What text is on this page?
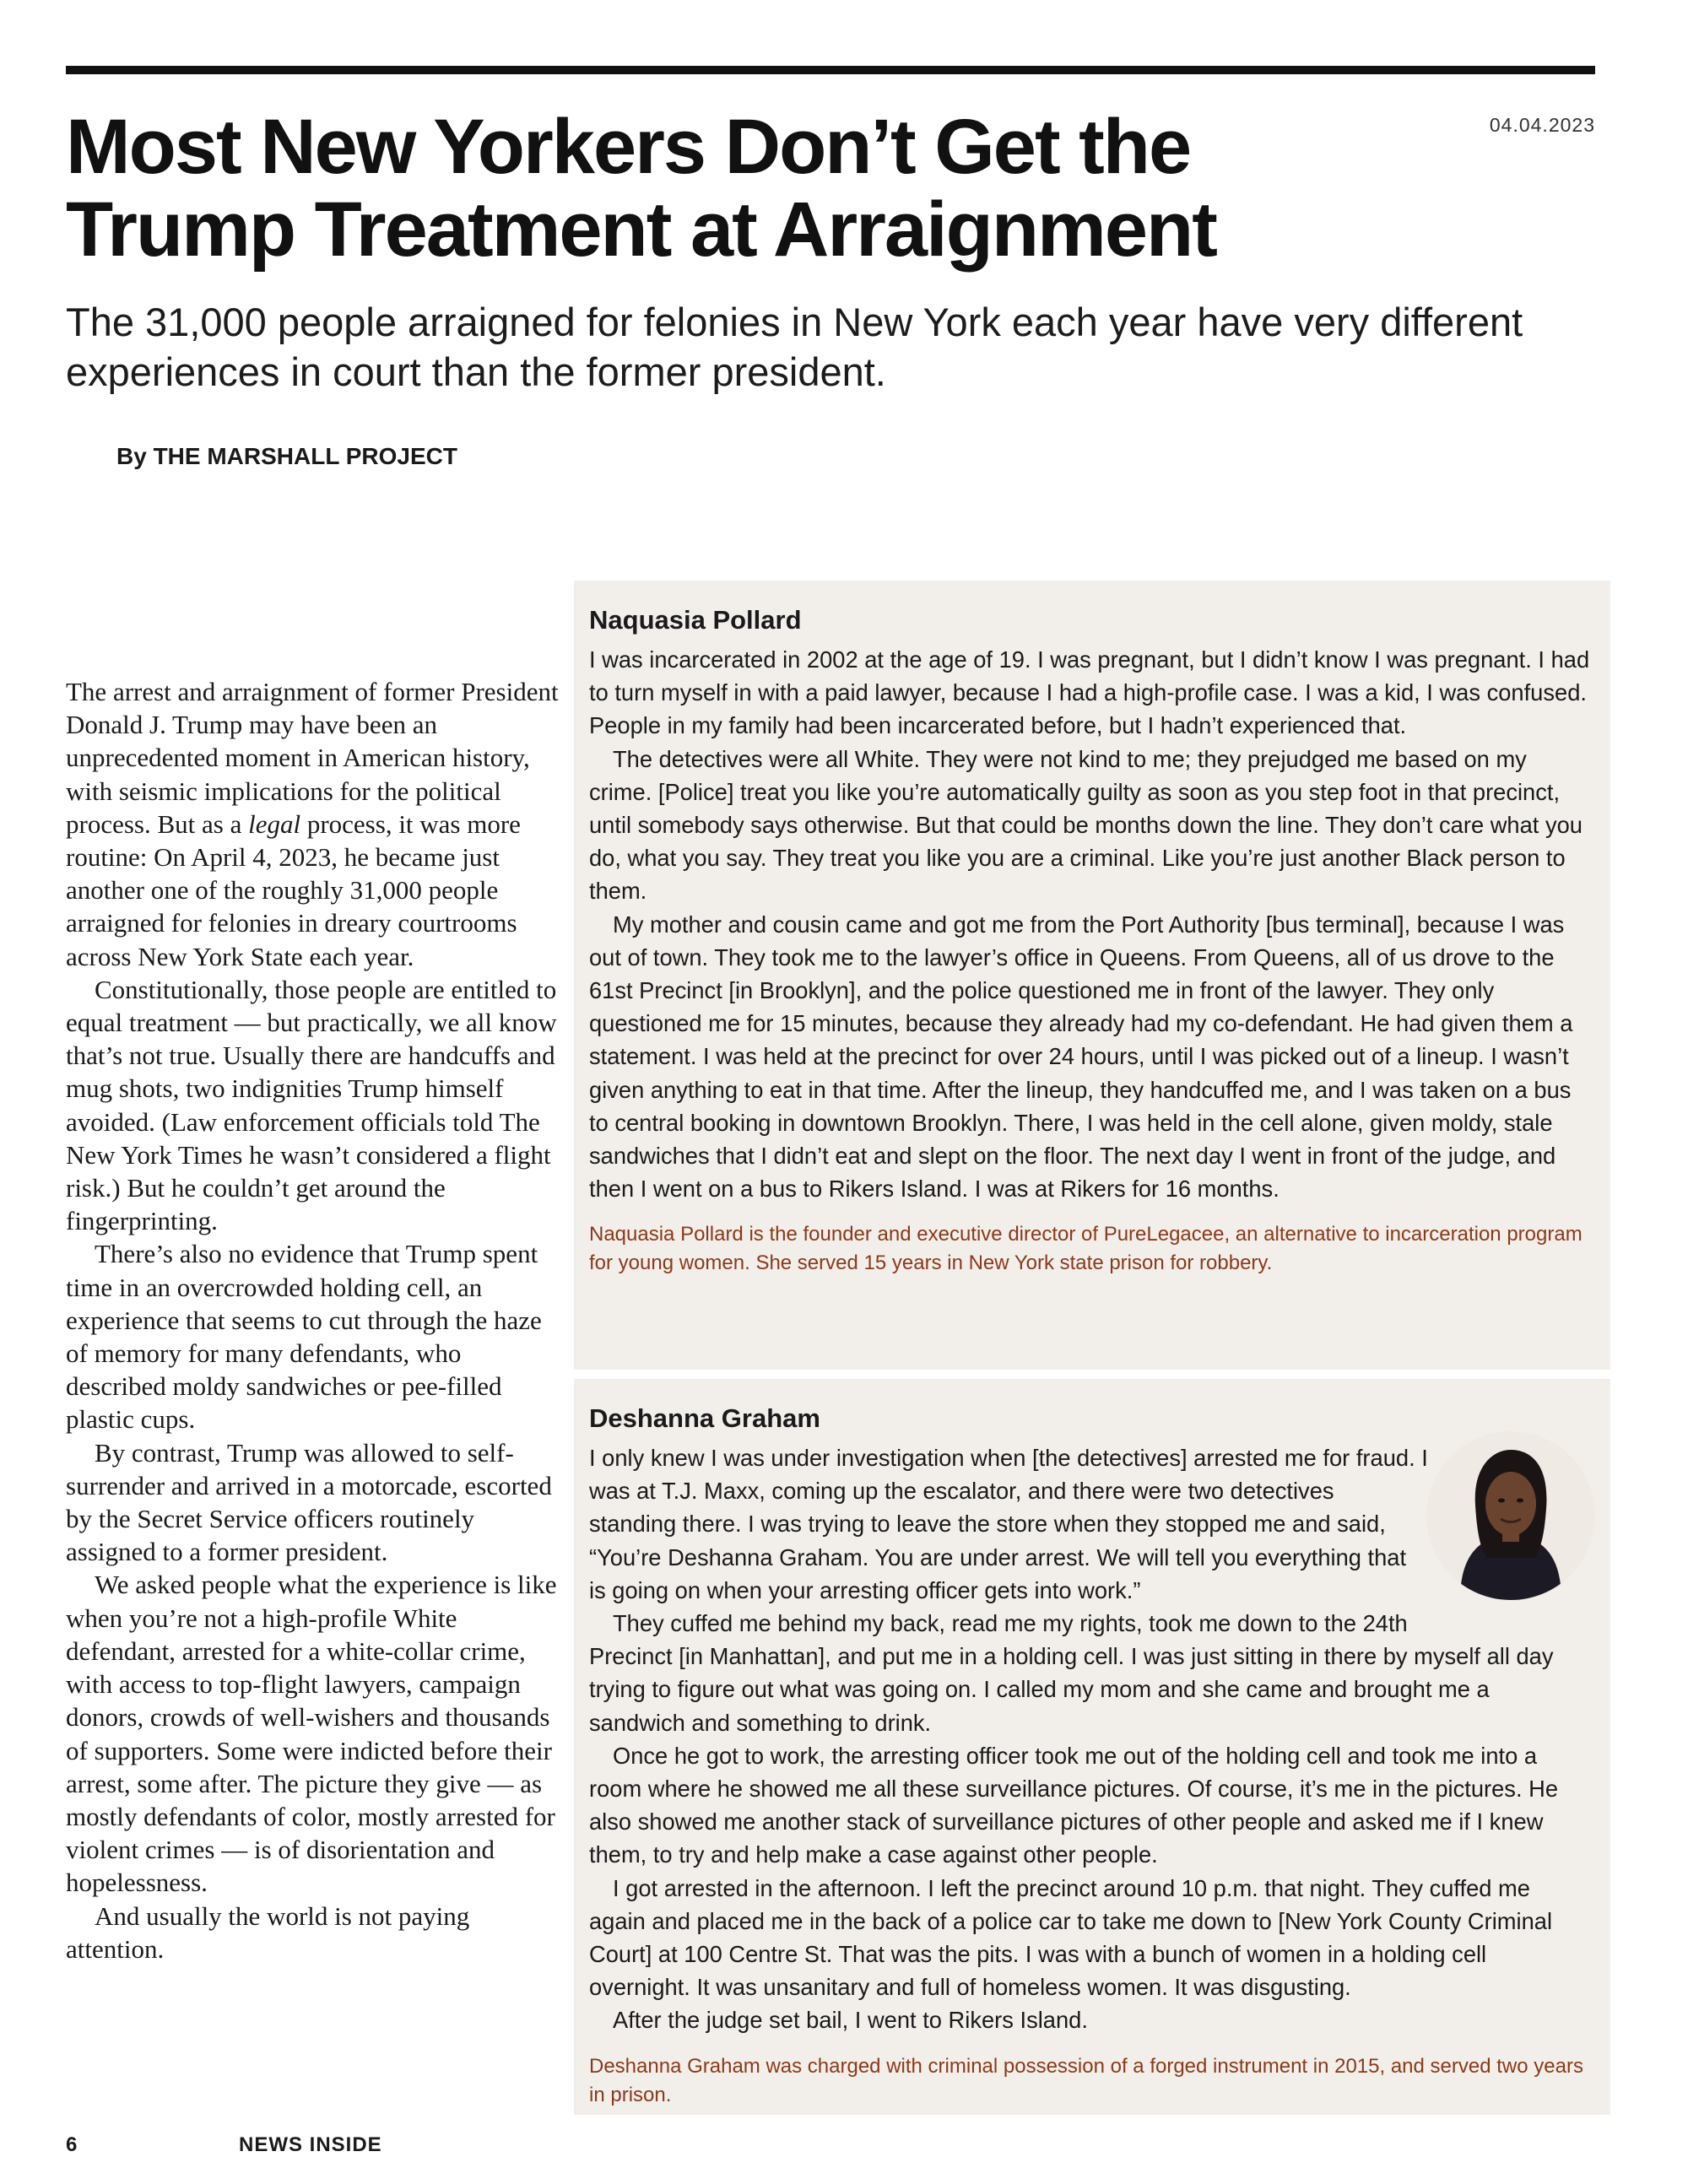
04.04.2023
Most New Yorkers Don’t Get the Trump Treatment at Arraignment

The 31,000 people arraigned for felonies in New York each year have very different experiences in court than the former president.

By THE MARSHALL PROJECT

The arrest and arraignment of former President Donald J. Trump may have been an unprecedented moment in American history, with seismic implications for the political process. But as a legal process, it was more routine: On April 4, 2023, he became just another one of the roughly 31,000 people arraigned for felonies in dreary courtrooms across New York State each year.

Constitutionally, those people are entitled to equal treatment — but practically, we all know that’s not true. Usually there are handcuffs and mug shots, two indignities Trump himself avoided. (Law enforcement officials told The New York Times he wasn’t considered a flight risk.) But he couldn’t get around the fingerprinting.

There’s also no evidence that Trump spent time in an overcrowded holding cell, an experience that seems to cut through the haze of memory for many defendants, who described moldy sandwiches or pee-filled plastic cups.

By contrast, Trump was allowed to self-surrender and arrived in a motorcade, escorted by the Secret Service officers routinely assigned to a former president.

We asked people what the experience is like when you’re not a high-profile White defendant, arrested for a white-collar crime, with access to top-flight lawyers, campaign donors, crowds of well-wishers and thousands of supporters. Some were indicted before their arrest, some after. The picture they give — as mostly defendants of color, mostly arrested for violent crimes — is of disorientation and hopelessness.

And usually the world is not paying attention.

Naquasia Pollard

I was incarcerated in 2002 at the age of 19. I was pregnant, but I didn’t know I was pregnant. I had to turn myself in with a paid lawyer, because I had a high-profile case. I was a kid, I was confused. People in my family had been incarcerated before, but I hadn’t experienced that.

The detectives were all White. They were not kind to me; they prejudged me based on my crime. [Police] treat you like you’re automatically guilty as soon as you step foot in that precinct, until somebody says otherwise. But that could be months down the line. They don’t care what you do, what you say. They treat you like you are a criminal. Like you’re just another Black person to them.

My mother and cousin came and got me from the Port Authority [bus terminal], because I was out of town. They took me to the lawyer’s office in Queens. From Queens, all of us drove to the 61st Precinct [in Brooklyn], and the police questioned me in front of the lawyer. They only questioned me for 15 minutes, because they already had my co-defendant. He had given them a statement. I was held at the precinct for over 24 hours, until I was picked out of a lineup. I wasn’t given anything to eat in that time. After the lineup, they handcuffed me, and I was taken on a bus to central booking in downtown Brooklyn. There, I was held in the cell alone, given moldy, stale sandwiches that I didn’t eat and slept on the floor. The next day I went in front of the judge, and then I went on a bus to Rikers Island. I was at Rikers for 16 months.

Naquasia Pollard is the founder and executive director of PureLegacee, an alternative to incarceration program for young women. She served 15 years in New York state prison for robbery.
Deshanna Graham

I only knew I was under investigation when [the detectives] arrested me for fraud. I was at T.J. Maxx, coming up the escalator, and there were two detectives standing there. I was trying to leave the store when they stopped me and said, “You’re Deshanna Graham. You are under arrest. We will tell you everything that is going on when your arresting officer gets into work.”

They cuffed me behind my back, read me my rights, took me down to the 24th Precinct [in Manhattan], and put me in a holding cell. I was just sitting in there by myself all day trying to figure out what was going on. I called my mom and she came and brought me a sandwich and something to drink.

Once he got to work, the arresting officer took me out of the holding cell and took me into a room where he showed me all these surveillance pictures. Of course, it’s me in the pictures. He also showed me another stack of surveillance pictures of other people and asked me if I knew them, to try and help make a case against other people.

I got arrested in the afternoon. I left the precinct around 10 p.m. that night. They cuffed me again and placed me in the back of a police car to take me down to [New York County Criminal Court] at 100 Centre St. That was the pits. I was with a bunch of women in a holding cell overnight. It was unsanitary and full of homeless women. It was disgusting.

After the judge set bail, I went to Rikers Island.

Deshanna Graham was charged with criminal possession of a forged instrument in 2015, and served two years in prison.
6	NEWS INSIDE
